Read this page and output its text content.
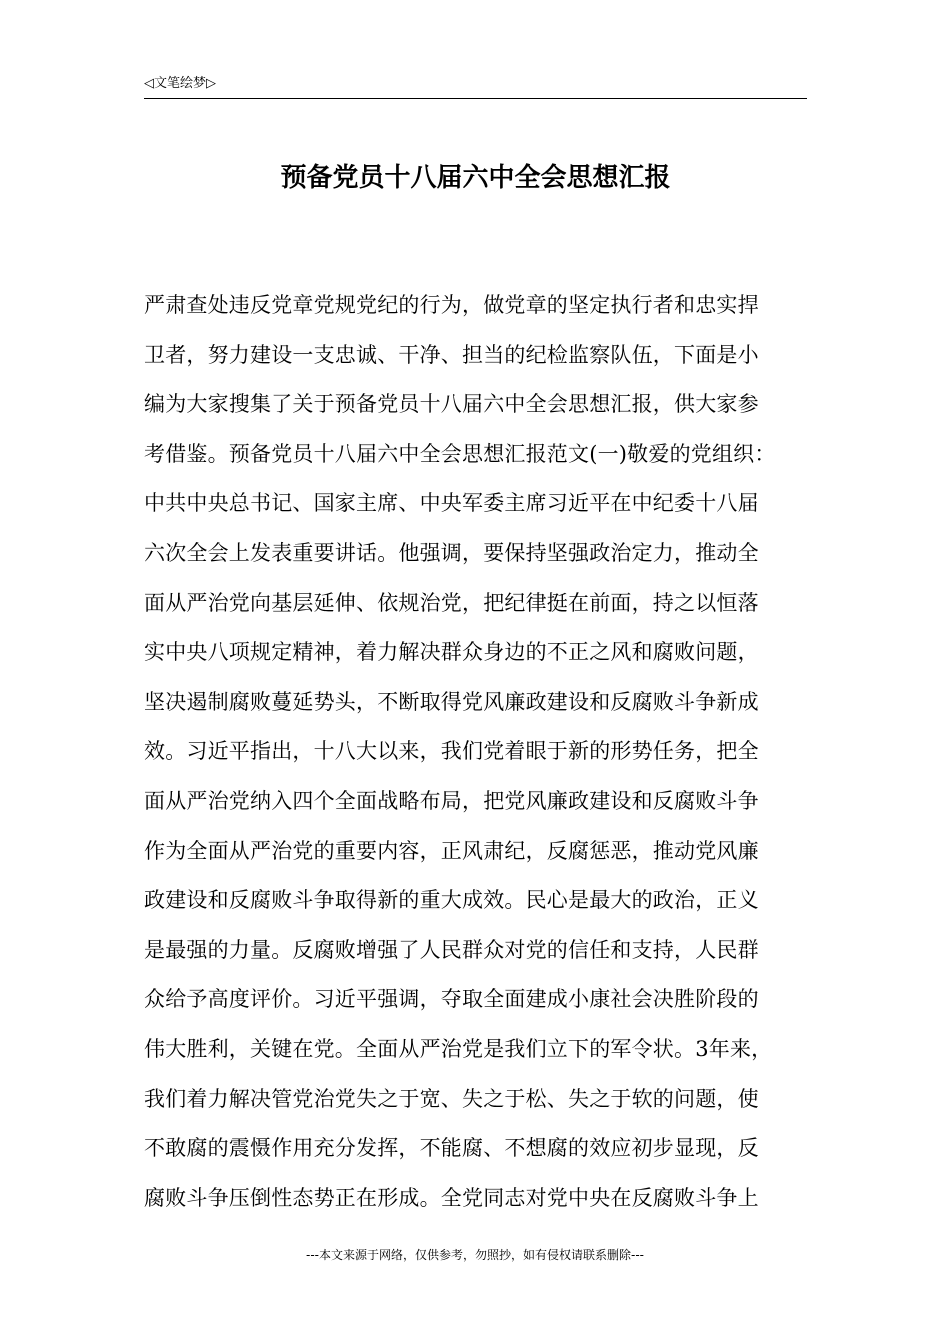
◁文笔绘梦▷
预备党员十八届六中全会思想汇报
严肃查处违反党章党规党纪的行为，做党章的坚定执行者和忠实捍
卫者，努力建设一支忠诚、干净、担当的纪检监察队伍，下面是小
编为大家搜集了关于预备党员十八届六中全会思想汇报，供大家参
考借鉴。预备党员十八届六中全会思想汇报范文(一)敬爱的党组织：
中共中央总书记、国家主席、中央军委主席习近平在中纪委十八届
六次全会上发表重要讲话。他强调，要保持坚强政治定力，推动全
面从严治党向基层延伸、依规治党，把纪律挺在前面，持之以恒落
实中央八项规定精神，着力解决群众身边的不正之风和腐败问题，
坚决遏制腐败蔓延势头，不断取得党风廉政建设和反腐败斗争新成
效。习近平指出，十八大以来，我们党着眼于新的形势任务，把全
面从严治党纳入四个全面战略布局，把党风廉政建设和反腐败斗争
作为全面从严治党的重要内容，正风肃纪，反腐惩恶，推动党风廉
政建设和反腐败斗争取得新的重大成效。民心是最大的政治，正义
是最强的力量。反腐败增强了人民群众对党的信任和支持，人民群
众给予高度评价。习近平强调，夺取全面建成小康社会决胜阶段的
伟大胜利，关键在党。全面从严治党是我们立下的军令状。3年来，
我们着力解决管党治党失之于宽、失之于松、失之于软的问题，使
不敢腐的震慑作用充分发挥，不能腐、不想腐的效应初步显现，反
腐败斗争压倒性态势正在形成。全党同志对党中央在反腐败斗争上
---本文来源于网络，仅供参考，勿照抄，如有侵权请联系删除---
